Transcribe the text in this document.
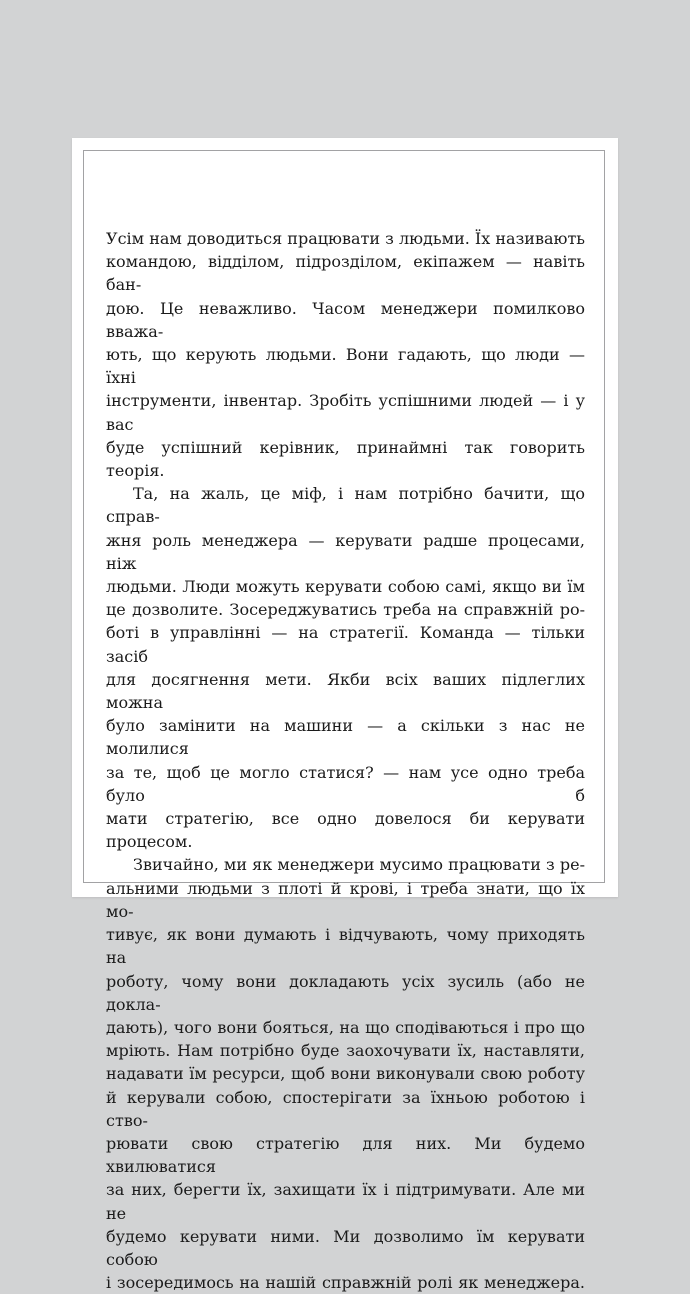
Усім нам доводиться працювати з людьми. Їх називають
командою, відділом, підрозділом, екіпажем — навіть бан-
дою. Це неважливо. Часом менеджери помилково вважа-
ють, що керують людьми. Вони гадають, що люди — їхні
інструменти, інвентар. Зробіть успішними людей — і у вас
буде успішний керівник, принаймні так говорить теорія.
Та, на жаль, це міф, і нам потрібно бачити, що справ-
жня роль менеджера — керувати радше процесами, ніж
людьми. Люди можуть керувати собою самі, якщо ви їм
це дозволите. Зосереджуватись треба на справжній ро-
боті в управлінні — на стратегії. Команда — тільки засіб
для досягнення мети. Якби всіх ваших підлеглих можна
було замінити на машини — а скільки з нас не молилися
за те, щоб це могло статися? — нам усе одно треба було б
мати стратегію, все одно довелося би керувати процесом.
Звичайно, ми як менеджери мусимо працювати з ре-
альними людьми з плоті й крові, і треба знати, що їх мо-
тивує, як вони думають і відчувають, чому приходять на
роботу, чому вони докладають усіх зусиль (або не докла-
дають), чого вони бояться, на що сподіваються і про що
мріють. Нам потрібно буде заохочувати їх, наставляти,
надавати їм ресурси, щоб вони виконували свою роботу
й керували собою, спостерігати за їхньою роботою і ство-
рювати свою стратегію для них. Ми будемо хвилюватися
за них, берегти їх, захищати їх і підтримувати. Але ми не
будемо керувати ними. Ми дозволимо їм керувати собою
і зосередимось на нашій справжній ролі як менеджера.
